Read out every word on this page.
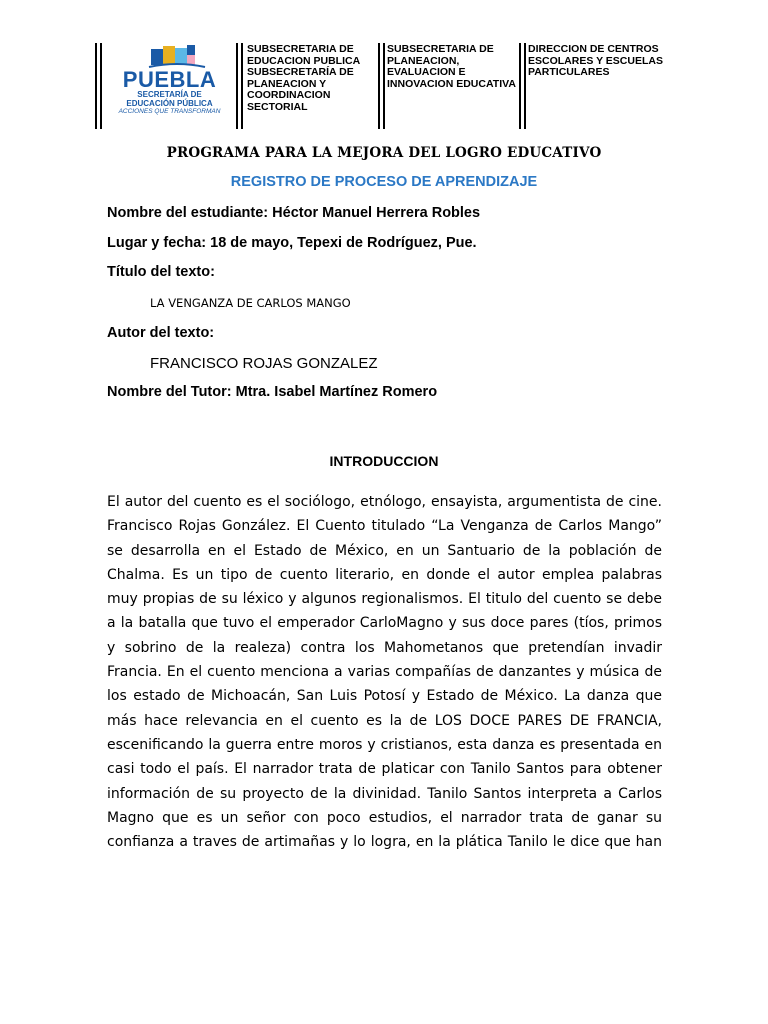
PUEBLA
SECRETARÍA DE
EDUCACIÓN PÚBLICA
ACCIONES QUE TRANSFORMAN
SUBSECRETARIA DE EDUCACION PUBLICA SUBSECRETARÍA DE PLANEACION Y COORDINACION SECTORIAL
SUBSECRETARIA DE PLANEACION, EVALUACION E INNOVACION EDUCATIVA
DIRECCION DE CENTROS ESCOLARES Y ESCUELAS PARTICULARES
PROGRAMA PARA LA MEJORA DEL LOGRO EDUCATIVO
REGISTRO DE PROCESO DE APRENDIZAJE
Nombre del estudiante: Héctor Manuel Herrera Robles
Lugar y fecha: 18 de mayo, Tepexi de Rodríguez, Pue.
Título del texto:
LA VENGANZA DE CARLOS MANGO
Autor del texto:
FRANCISCO ROJAS GONZALEZ
Nombre del Tutor: Mtra. Isabel Martínez Romero
INTRODUCCION
El autor del cuento es el sociólogo, etnólogo, ensayista, argumentista de cine.
Francisco Rojas González. El Cuento titulado “La Venganza de Carlos Mango”
se desarrolla en el Estado de México, en un Santuario de la población de
Chalma. Es un tipo de cuento literario, en donde el autor emplea palabras
muy propias de su léxico y algunos regionalismos. El titulo del cuento se debe
a la batalla que tuvo el emperador CarloMagno y sus doce pares (tíos, primos
y sobrino de la realeza) contra los Mahometanos que pretendían invadir
Francia. En el cuento menciona a varias compañías de danzantes y música de
los estado de Michoacán, San Luis Potosí y Estado de México. La danza que
más hace relevancia en el cuento es la de LOS DOCE PARES DE FRANCIA,
escenificando la guerra entre moros y cristianos, esta danza es presentada en
casi todo el país. El narrador trata de platicar con Tanilo Santos para obtener
información de su proyecto de la divinidad. Tanilo Santos interpreta a Carlos
Magno que es un señor con poco estudios, el narrador trata de ganar su
confianza a traves de artimañas y lo logra, en la plática Tanilo le dice que han
